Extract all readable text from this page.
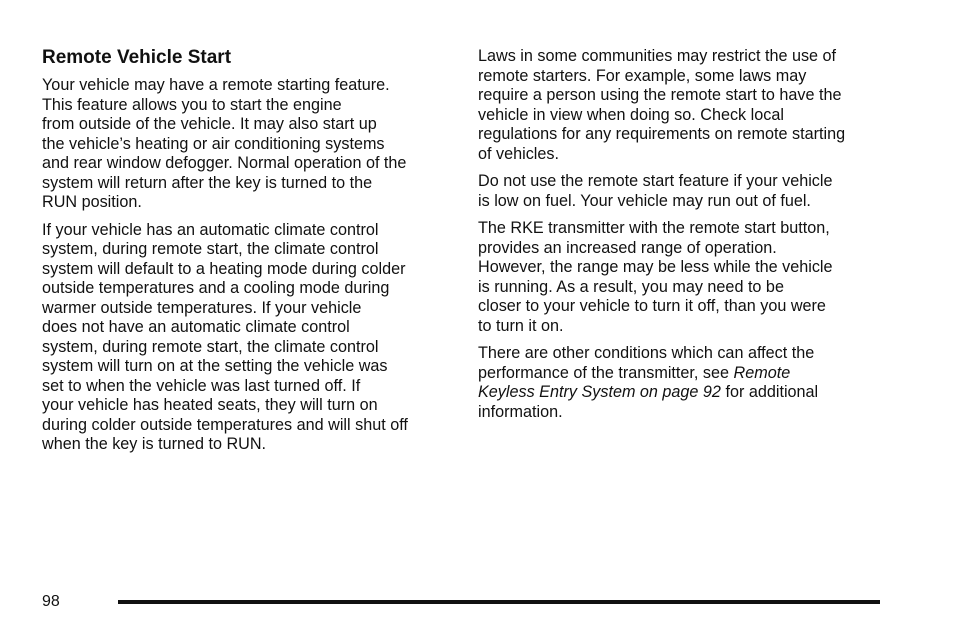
Remote Vehicle Start
Your vehicle may have a remote starting feature.
This feature allows you to start the engine
from outside of the vehicle. It may also start up
the vehicle’s heating or air conditioning systems
and rear window defogger. Normal operation of the
system will return after the key is turned to the
RUN position.
If your vehicle has an automatic climate control
system, during remote start, the climate control
system will default to a heating mode during colder
outside temperatures and a cooling mode during
warmer outside temperatures. If your vehicle
does not have an automatic climate control
system, during remote start, the climate control
system will turn on at the setting the vehicle was
set to when the vehicle was last turned off. If
your vehicle has heated seats, they will turn on
during colder outside temperatures and will shut off
when the key is turned to RUN.
Laws in some communities may restrict the use of
remote starters. For example, some laws may
require a person using the remote start to have the
vehicle in view when doing so. Check local
regulations for any requirements on remote starting
of vehicles.
Do not use the remote start feature if your vehicle
is low on fuel. Your vehicle may run out of fuel.
The RKE transmitter with the remote start button,
provides an increased range of operation.
However, the range may be less while the vehicle
is running. As a result, you may need to be
closer to your vehicle to turn it off, than you were
to turn it on.
There are other conditions which can affect the
performance of the transmitter, see Remote
Keyless Entry System on page 92 for additional
information.
98
